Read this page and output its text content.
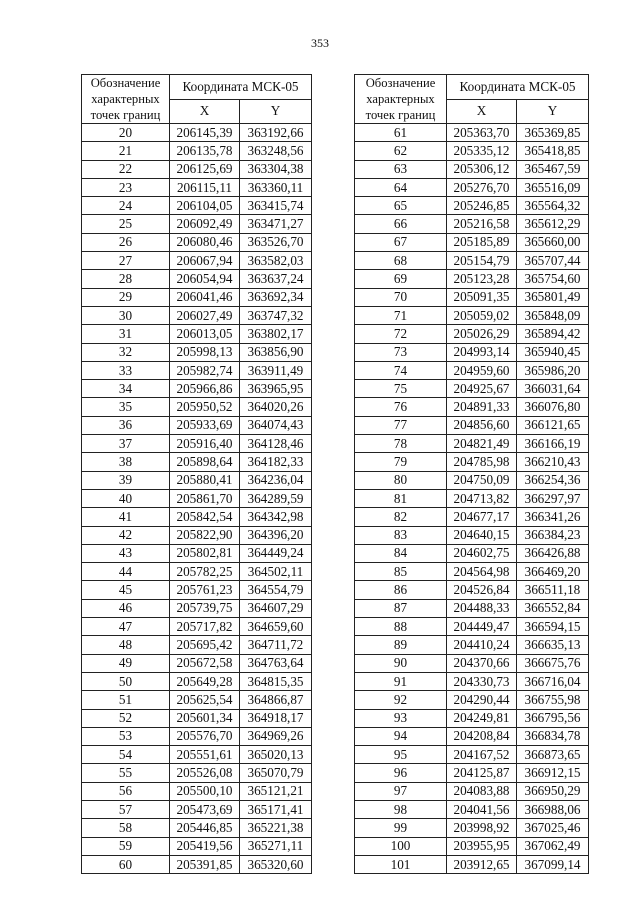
353
Обозначение характерных точек границ	Координата МСК-05	
	X	Y
20	206145,39	363192,66
21	206135,78	363248,56
22	206125,69	363304,38
23	206115,11	363360,11
24	206104,05	363415,74
25	206092,49	363471,27
26	206080,46	363526,70
27	206067,94	363582,03
28	206054,94	363637,24
29	206041,46	363692,34
30	206027,49	363747,32
31	206013,05	363802,17
32	205998,13	363856,90
33	205982,74	363911,49
34	205966,86	363965,95
35	205950,52	364020,26
36	205933,69	364074,43
37	205916,40	364128,46
38	205898,64	364182,33
39	205880,41	364236,04
40	205861,70	364289,59
41	205842,54	364342,98
42	205822,90	364396,20
43	205802,81	364449,24
44	205782,25	364502,11
45	205761,23	364554,79
46	205739,75	364607,29
47	205717,82	364659,60
48	205695,42	364711,72
49	205672,58	364763,64
50	205649,28	364815,35
51	205625,54	364866,87
52	205601,34	364918,17
53	205576,70	364969,26
54	205551,61	365020,13
55	205526,08	365070,79
56	205500,10	365121,21
57	205473,69	365171,41
58	205446,85	365221,38
59	205419,56	365271,11
60	205391,85	365320,60
Обозначение характерных точек границ	Координата МСК-05	
	X	Y
61	205363,70	365369,85
62	205335,12	365418,85
63	205306,12	365467,59
64	205276,70	365516,09
65	205246,85	365564,32
66	205216,58	365612,29
67	205185,89	365660,00
68	205154,79	365707,44
69	205123,28	365754,60
70	205091,35	365801,49
71	205059,02	365848,09
72	205026,29	365894,42
73	204993,14	365940,45
74	204959,60	365986,20
75	204925,67	366031,64
76	204891,33	366076,80
77	204856,60	366121,65
78	204821,49	366166,19
79	204785,98	366210,43
80	204750,09	366254,36
81	204713,82	366297,97
82	204677,17	366341,26
83	204640,15	366384,23
84	204602,75	366426,88
85	204564,98	366469,20
86	204526,84	366511,18
87	204488,33	366552,84
88	204449,47	366594,15
89	204410,24	366635,13
90	204370,66	366675,76
91	204330,73	366716,04
92	204290,44	366755,98
93	204249,81	366795,56
94	204208,84	366834,78
95	204167,52	366873,65
96	204125,87	366912,15
97	204083,88	366950,29
98	204041,56	366988,06
99	203998,92	367025,46
100	203955,95	367062,49
101	203912,65	367099,14
